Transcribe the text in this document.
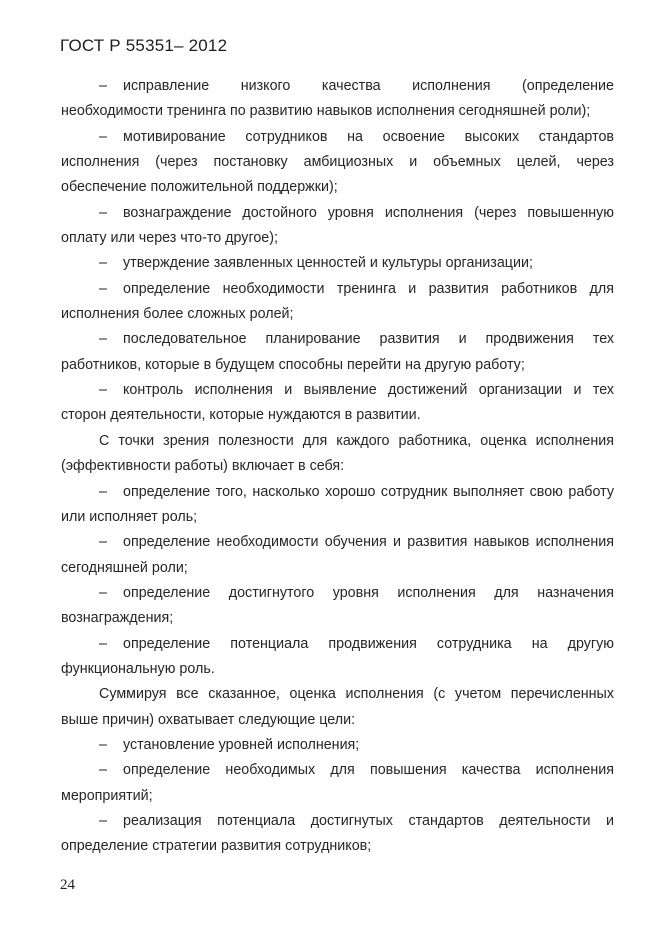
ГОСТ Р 55351– 2012
– исправление низкого качества исполнения (определение
необходимости тренинга по развитию навыков исполнения сегодняшней роли);
– мотивирование сотрудников на освоение высоких стандартов
исполнения (через постановку амбициозных и объемных целей, через
обеспечение положительной поддержки);
– вознаграждение достойного уровня исполнения (через повышенную
оплату или через что-то другое);
– утверждение заявленных ценностей и культуры организации;
– определение необходимости тренинга и развития работников для
исполнения более сложных ролей;
– последовательное планирование развития и продвижения тех
работников, которые в будущем способны перейти на другую работу;
– контроль исполнения и выявление достижений организации и тех
сторон деятельности, которые нуждаются в развитии.
С точки зрения полезности для каждого работника, оценка исполнения
(эффективности работы) включает в себя:
– определение того, насколько хорошо сотрудник выполняет свою работу
или исполняет роль;
– определение необходимости обучения и развития навыков исполнения
сегодняшней роли;
– определение достигнутого уровня исполнения для назначения
вознаграждения;
– определение потенциала продвижения сотрудника на другую
функциональную роль.
Суммируя все сказанное, оценка исполнения (с учетом перечисленных
выше причин) охватывает следующие цели:
– установление уровней исполнения;
– определение необходимых для повышения качества исполнения
мероприятий;
– реализация потенциала достигнутых стандартов деятельности и
определение стратегии развития сотрудников;
24
